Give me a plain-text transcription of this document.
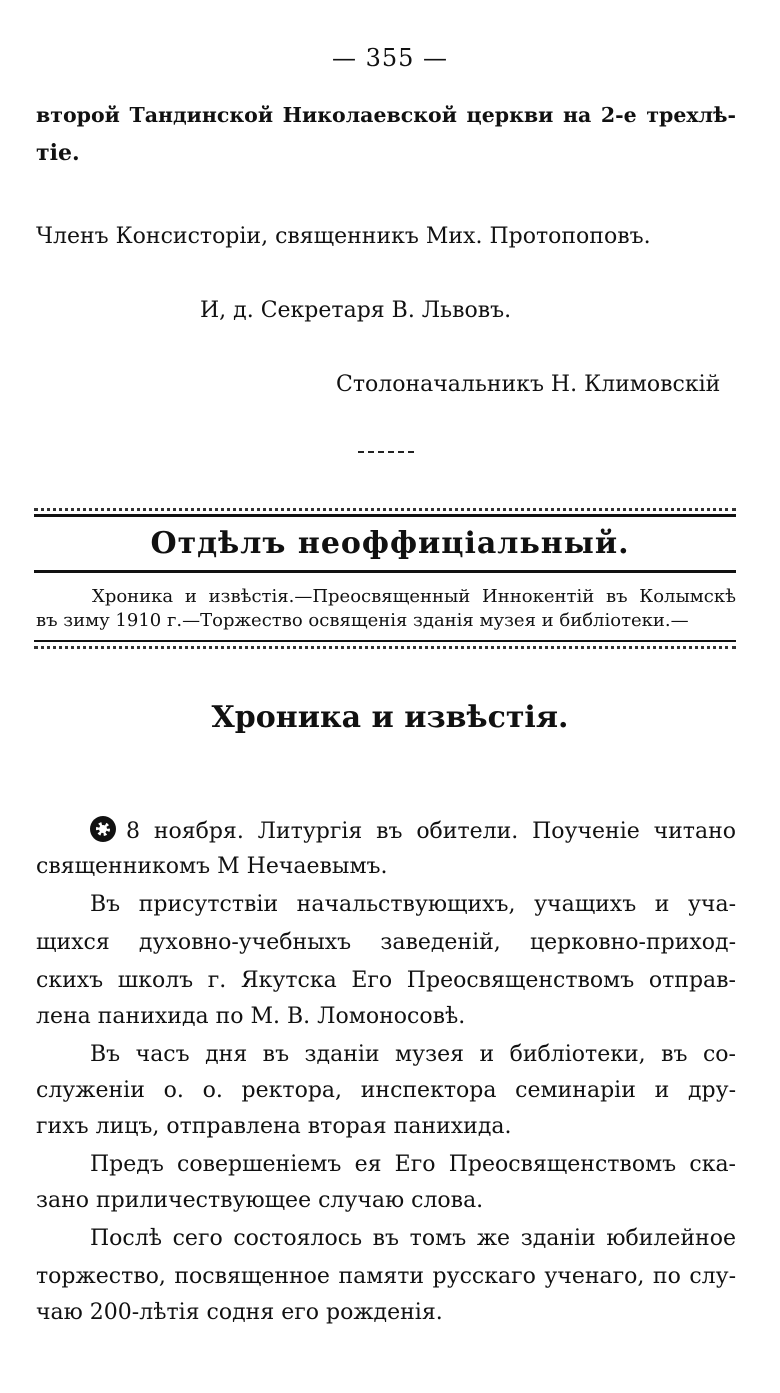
— 355 —
второй Тандинской Николаевской церкви на 2-е трехлѣ-
тіе.
Членъ Консисторіи, священникъ Мих. Протопоповъ.
И, д. Секретаря В. Львовъ.
Столоначальникъ Н. Климовскій
Отдѣлъ неоффиціальный.
Хроника и извѣстія.—Преосвященный Иннокентій въ Колымскѣ
въ зиму 1910 г.—Торжество освященія зданія музея и библіотеки.—
Хроника и извѣстія.
8 ноября. Литургія въ обители. Поученіе читано
священникомъ М Нечаевымъ.
Въ присутствіи начальствующихъ, учащихъ и уча-
щихся духовно-учебныхъ заведеній, церковно-приход-
скихъ школъ г. Якутска Его Преосвященствомъ отправ-
лена панихида по М. В. Ломоносовѣ.
Въ часъ дня въ зданіи музея и библіотеки, въ со-
служеніи о. о. ректора, инспектора семинаріи и дру-
гихъ лицъ, отправлена вторая панихида.
Предъ совершеніемъ ея Его Преосвященствомъ ска-
зано приличествующее случаю слова.
Послѣ сего состоялось въ томъ же зданіи юбилейное
торжество, посвященное памяти русскаго ученаго, по слу-
чаю 200-лѣтія содня его рожденія.
